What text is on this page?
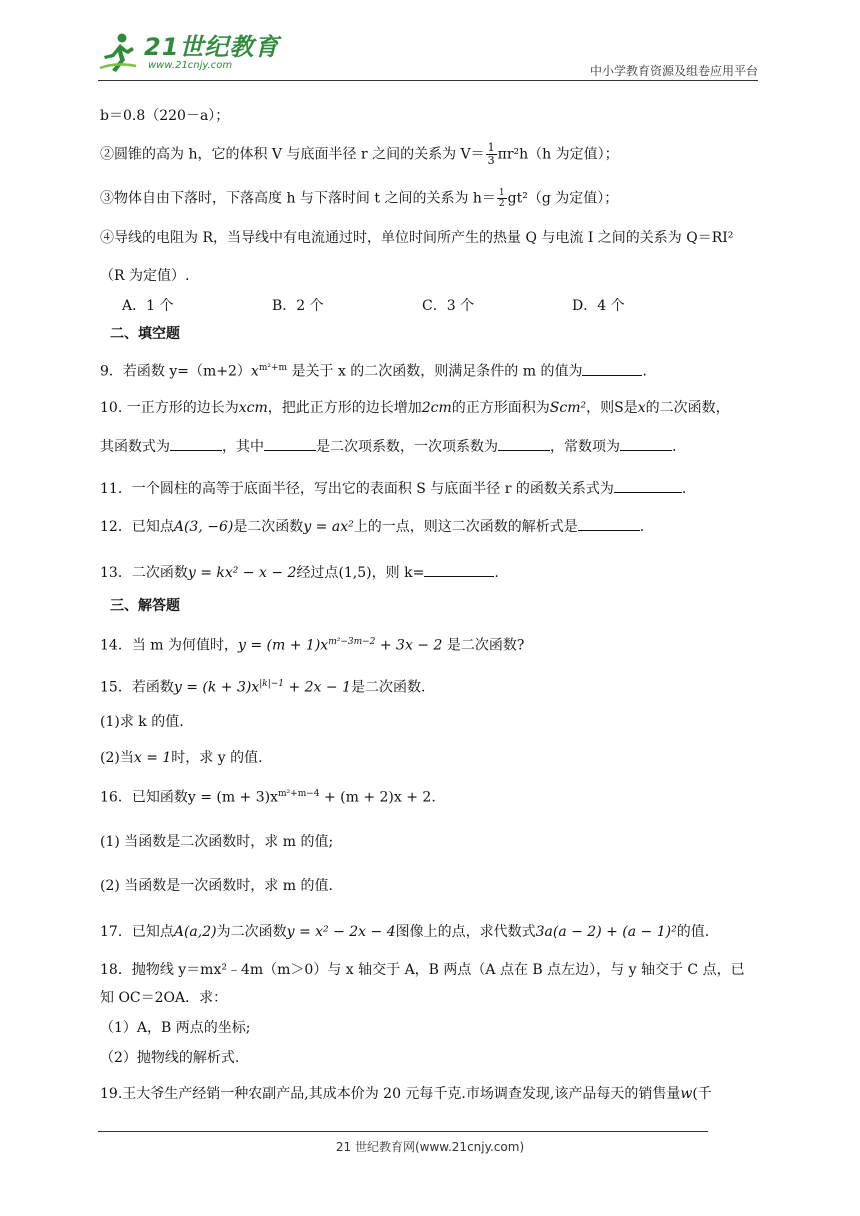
21世纪教育
www.21cnjy.com	中小学教育资源及组卷应用平台
b＝0.8（220－a）；
②圆锥的高为 h，它的体积 V 与底面半径 r 之间的关系为 $V= \frac{1}{3} \pi r^2h(h$ 为定值）；
③物体自由下落时，下落高度 h 与下落时间 t 之间的关系为 $h= \frac{1}{2} gt^2(g$ 为定值）；
④导线的电阻为 R，当导线中有电流通过时，单位时间所产生的热量 Q 与电流 I 之间的关系为 Q＝RI²
（R 为定值）.
A．1 个	B．2 个	C．3 个	D．4 个
二、填空题
9．若函数 $y=(m+2)x^{m^2+m}$ 是关于 x 的二次函数，则满足条件的 m 的值为	.
10. 一正方形的边长为xcm，把此正方形的边长增加2cm的正方形面积为Scm²，则S是x的二次函数，
其函数式为	，其中	是二次项系数，一次项系数为	，常数项为	.
11．一个圆柱的高等于底面半径，写出它的表面积 S 与底面半径 r 的函数关系式为	.
12．已知点A(3, −6)是二次函数y = ax²上的一点，则这二次函数的解析式是	.
13．二次函数y = kx² − x − 2经过点(1,5)，则 k=	.
三、解答题
14．当 m 为何值时，$y = (m + 1)x^{m^2-3m-2} + 3x - 2$ 是二次函数?
15．若函数$y = (k + 3)x^{|k|-1} + 2x - 1$是二次函数.
(1)求 k 的值.
(2)当x = 1时，求 y 的值.
16．已知函数$y = (m + 3)x^{m^2+m-4} + (m + 2)x + 2$.
(1) 当函数是二次函数时，求 m 的值;
(2) 当函数是一次函数时，求 m 的值.
17．已知点A(a,2)为二次函数y = x² − 2x − 4图像上的点，求代数式3a(a − 2) + (a − 1)²的值.
18．抛物线 y＝mx²﹣4m（m＞0）与 x 轴交于 A，B 两点（A 点在 B 点左边），与 y 轴交于 C 点，已
知 OC＝2OA．求：
（1）A，B 两点的坐标;
（2）抛物线的解析式.
19.王大爷生产经销一种农副产品,其成本价为 20 元每千克.市场调查发现,该产品每天的销售量w(千
21 世纪教育网(www.21cnjy.com)
